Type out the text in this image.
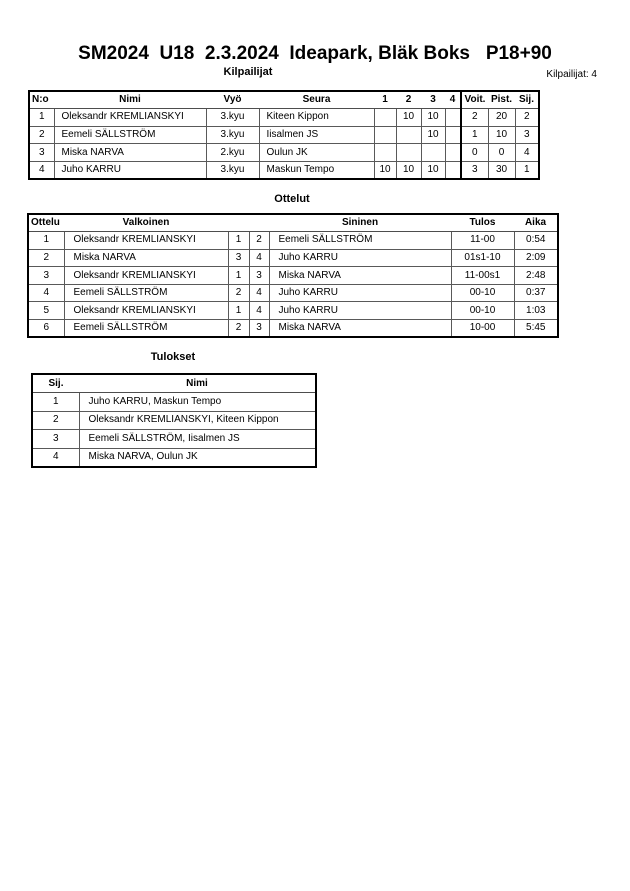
SM2024  U18  2.3.2024  Ideapark, Bläk Boks   P18+90
Kilpailijat	Kilpailijat: 4
N:o	Nimi	Vyö	Seura	1	2	3	4	Voit.	Pist.	Sij.
1	Oleksandr KREMLIANSKYI	3.kyu	Kiteen Kippon		10	10		2	20	2
2	Eemeli SÄLLSTRÖM	3.kyu	Iisalmen JS			10		1	10	3
3	Miska NARVA	2.kyu	Oulun JK					0	0	4
4	Juho KARRU	3.kyu	Maskun Tempo	10	10	10		3	30	1
Ottelut
Ottelu	Valkoinen			Sininen	Tulos	Aika
1	Oleksandr KREMLIANSKYI	1	2	Eemeli SÄLLSTRÖM	11-00	0:54
2	Miska NARVA	3	4	Juho KARRU	01s1-10	2:09
3	Oleksandr KREMLIANSKYI	1	3	Miska NARVA	11-00s1	2:48
4	Eemeli SÄLLSTRÖM	2	4	Juho KARRU	00-10	0:37
5	Oleksandr KREMLIANSKYI	1	4	Juho KARRU	00-10	1:03
6	Eemeli SÄLLSTRÖM	2	3	Miska NARVA	10-00	5:45
Tulokset
Sij.	Nimi
1	Juho KARRU, Maskun Tempo
2	Oleksandr KREMLIANSKYI, Kiteen Kippon
3	Eemeli SÄLLSTRÖM, Iisalmen JS
4	Miska NARVA, Oulun JK
